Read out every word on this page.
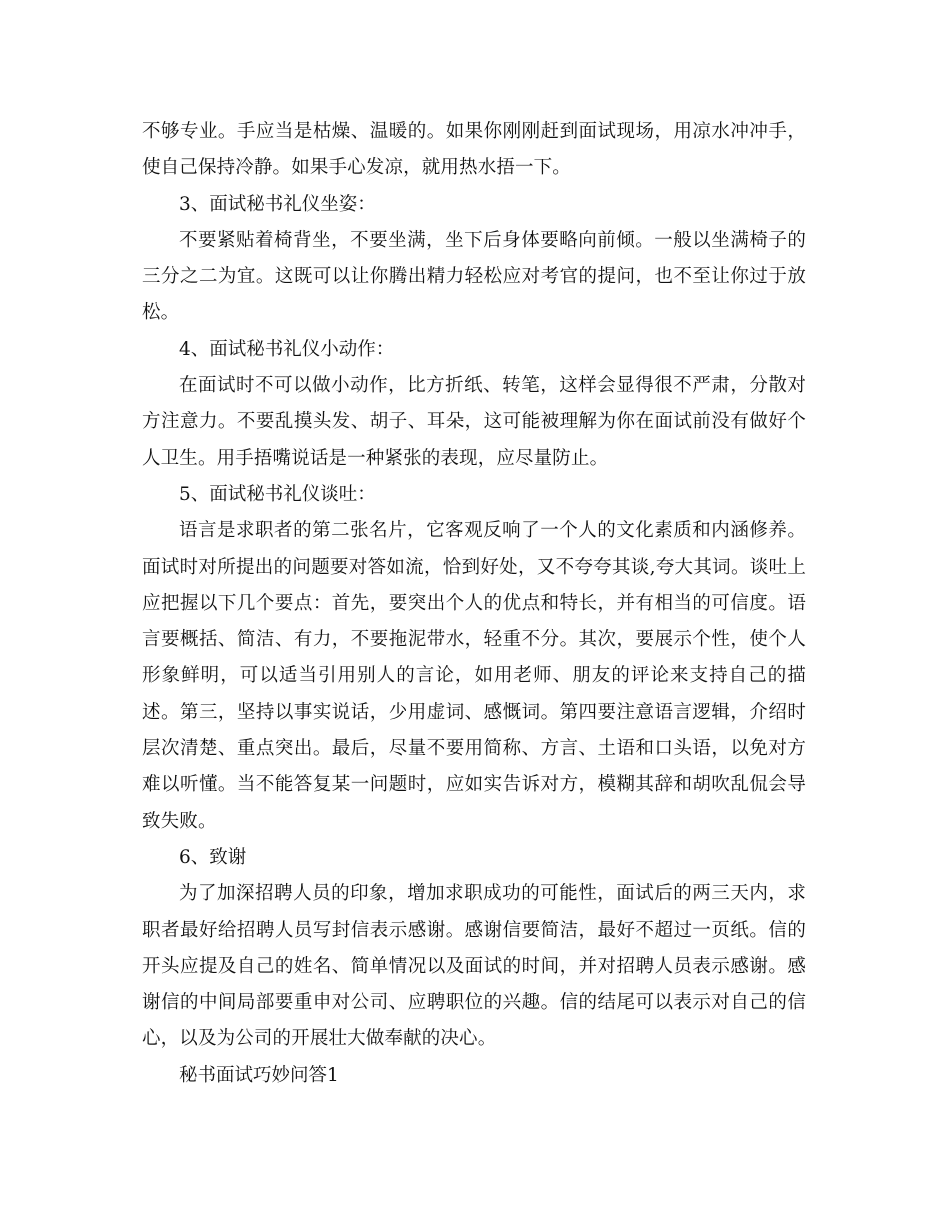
不够专业。手应当是枯燥、温暖的。如果你刚刚赶到面试现场，用凉水冲冲手，使自己保持冷静。如果手心发凉，就用热水捂一下。

3、面试秘书礼仪坐姿：

不要紧贴着椅背坐，不要坐满，坐下后身体要略向前倾。一般以坐满椅子的三分之二为宜。这既可以让你腾出精力轻松应对考官的提问，也不至让你过于放松。

4、面试秘书礼仪小动作：

在面试时不可以做小动作，比方折纸、转笔，这样会显得很不严肃，分散对方注意力。不要乱摸头发、胡子、耳朵，这可能被理解为你在面试前没有做好个人卫生。用手捂嘴说话是一种紧张的表现，应尽量防止。

5、面试秘书礼仪谈吐：

语言是求职者的第二张名片，它客观反响了一个人的文化素质和内涵修养。面试时对所提出的问题要对答如流，恰到好处，又不夸夸其谈,夸大其词。谈吐上应把握以下几个要点：首先，要突出个人的优点和特长，并有相当的可信度。语言要概括、简洁、有力，不要拖泥带水，轻重不分。其次，要展示个性，使个人形象鲜明，可以适当引用别人的言论，如用老师、朋友的评论来支持自己的描述。第三，坚持以事实说话，少用虚词、感慨词。第四要注意语言逻辑，介绍时层次清楚、重点突出。最后，尽量不要用简称、方言、土语和口头语，以免对方难以听懂。当不能答复某一问题时，应如实告诉对方，模糊其辞和胡吹乱侃会导致失败。

6、致谢

为了加深招聘人员的印象，增加求职成功的可能性，面试后的两三天内，求职者最好给招聘人员写封信表示感谢。感谢信要简洁，最好不超过一页纸。信的开头应提及自己的姓名、简单情况以及面试的时间，并对招聘人员表示感谢。感谢信的中间局部要重申对公司、应聘职位的兴趣。信的结尾可以表示对自己的信心，以及为公司的开展壮大做奉献的决心。

秘书面试巧妙问答1
